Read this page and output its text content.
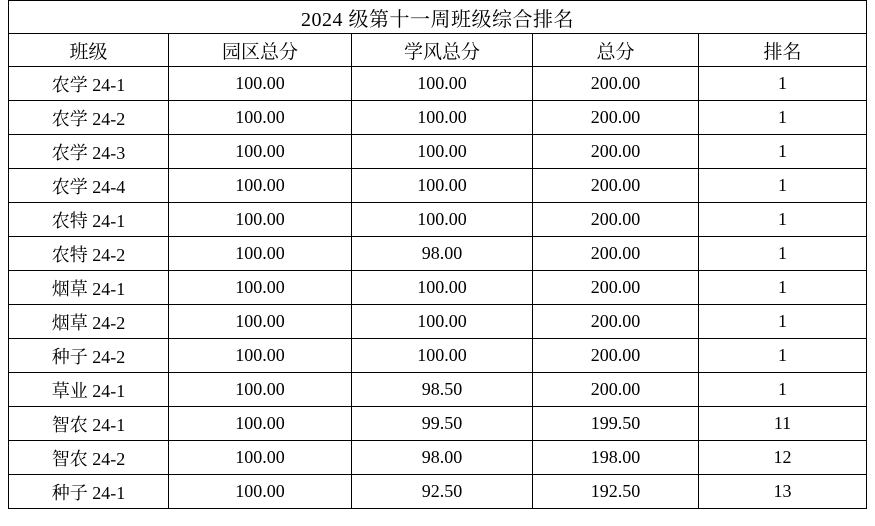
2024 级第十一周班级综合排名				
班级	园区总分	学风总分	总分	排名
农学 24-1	100.00	100.00	200.00	1
农学 24-2	100.00	100.00	200.00	1
农学 24-3	100.00	100.00	200.00	1
农学 24-4	100.00	100.00	200.00	1
农特 24-1	100.00	100.00	200.00	1
农特 24-2	100.00	98.00	200.00	1
烟草 24-1	100.00	100.00	200.00	1
烟草 24-2	100.00	100.00	200.00	1
种子 24-2	100.00	100.00	200.00	1
草业 24-1	100.00	98.50	200.00	1
智农 24-1	100.00	99.50	199.50	11
智农 24-2	100.00	98.00	198.00	12
种子 24-1	100.00	92.50	192.50	13
